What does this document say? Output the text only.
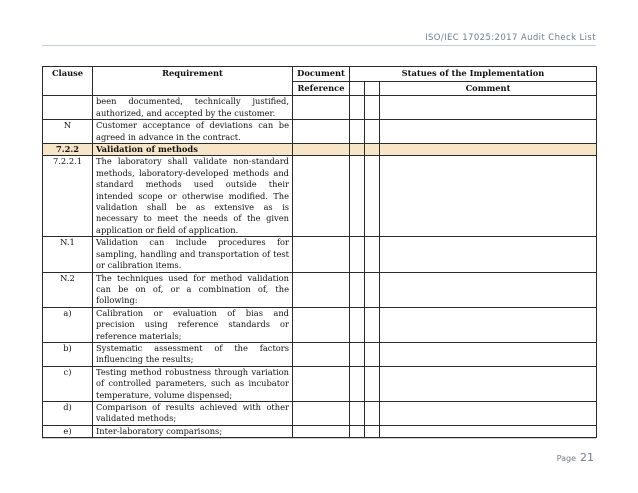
ISO/IEC 17025:2017 Audit Check List
Clause	Requirement	Document	Statues of the Implementation		
		Reference			Comment
	been documented, technically justified, authorized, and accepted by the customer.				
N	Customer acceptance of deviations can be agreed in advance in the contract.				
7.2.2	Validation of methods				
7.2.2.1	The laboratory shall validate non-standard methods, laboratory-developed methods and standard methods used outside their intended scope or otherwise modified. The validation shall be as extensive as is necessary to meet the needs of the given application or field of application.				
N.1	Validation can include procedures for sampling, handling and transportation of test or calibration items.				
N.2	The techniques used for method validation can be on of, or a combination of, the following:				
a)	Calibration or evaluation of bias and precision using reference standards or reference materials;				
b)	Systematic assessment of the factors influencing the results;				
c)	Testing method robustness through variation of controlled parameters, such as incubator temperature, volume dispensed;				
d)	Comparison of results achieved with other validated methods;				
e)	Inter-laboratory comparisons;				
Page 21
